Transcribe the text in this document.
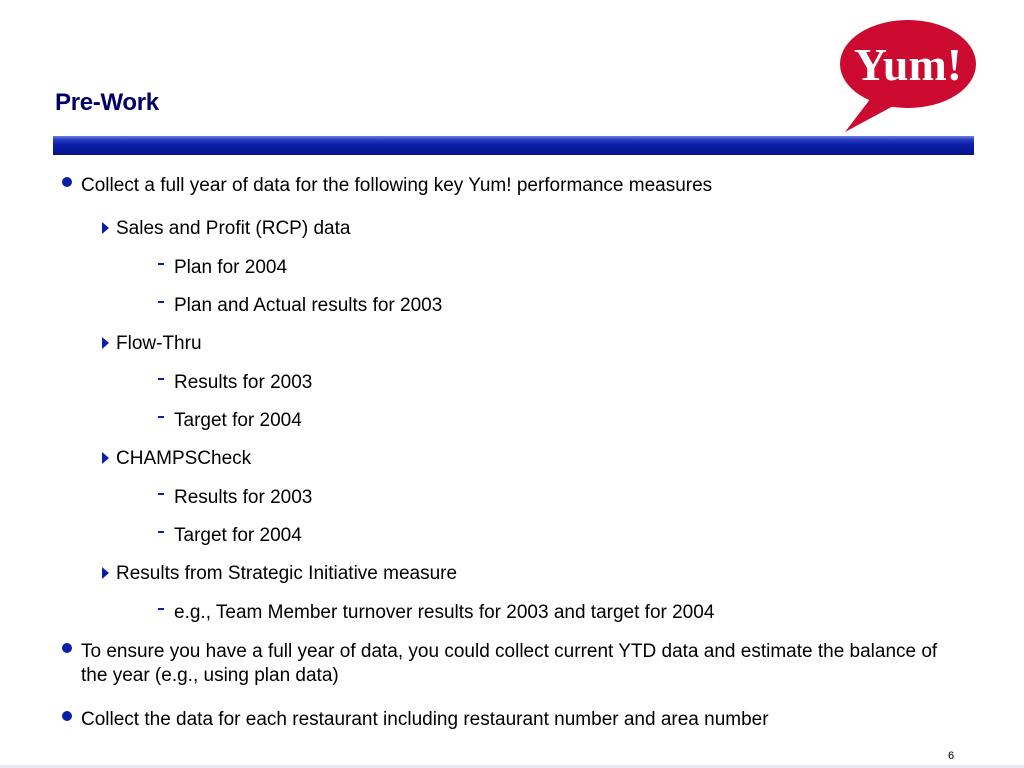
Pre-Work
Yum!
Collect a full year of data for the following key Yum! performance measures
Sales and Profit (RCP) data
Plan for 2004
Plan and Actual results for 2003
Flow-Thru
Results for 2003
Target for 2004
CHAMPSCheck
Results for 2003
Target for 2004
Results from Strategic Initiative measure
e.g., Team Member turnover results for 2003 and target for 2004
To ensure you have a full year of data, you could collect current YTD data and estimate the balance of the year (e.g., using plan data)
Collect the data for each restaurant including restaurant number and area number
6
